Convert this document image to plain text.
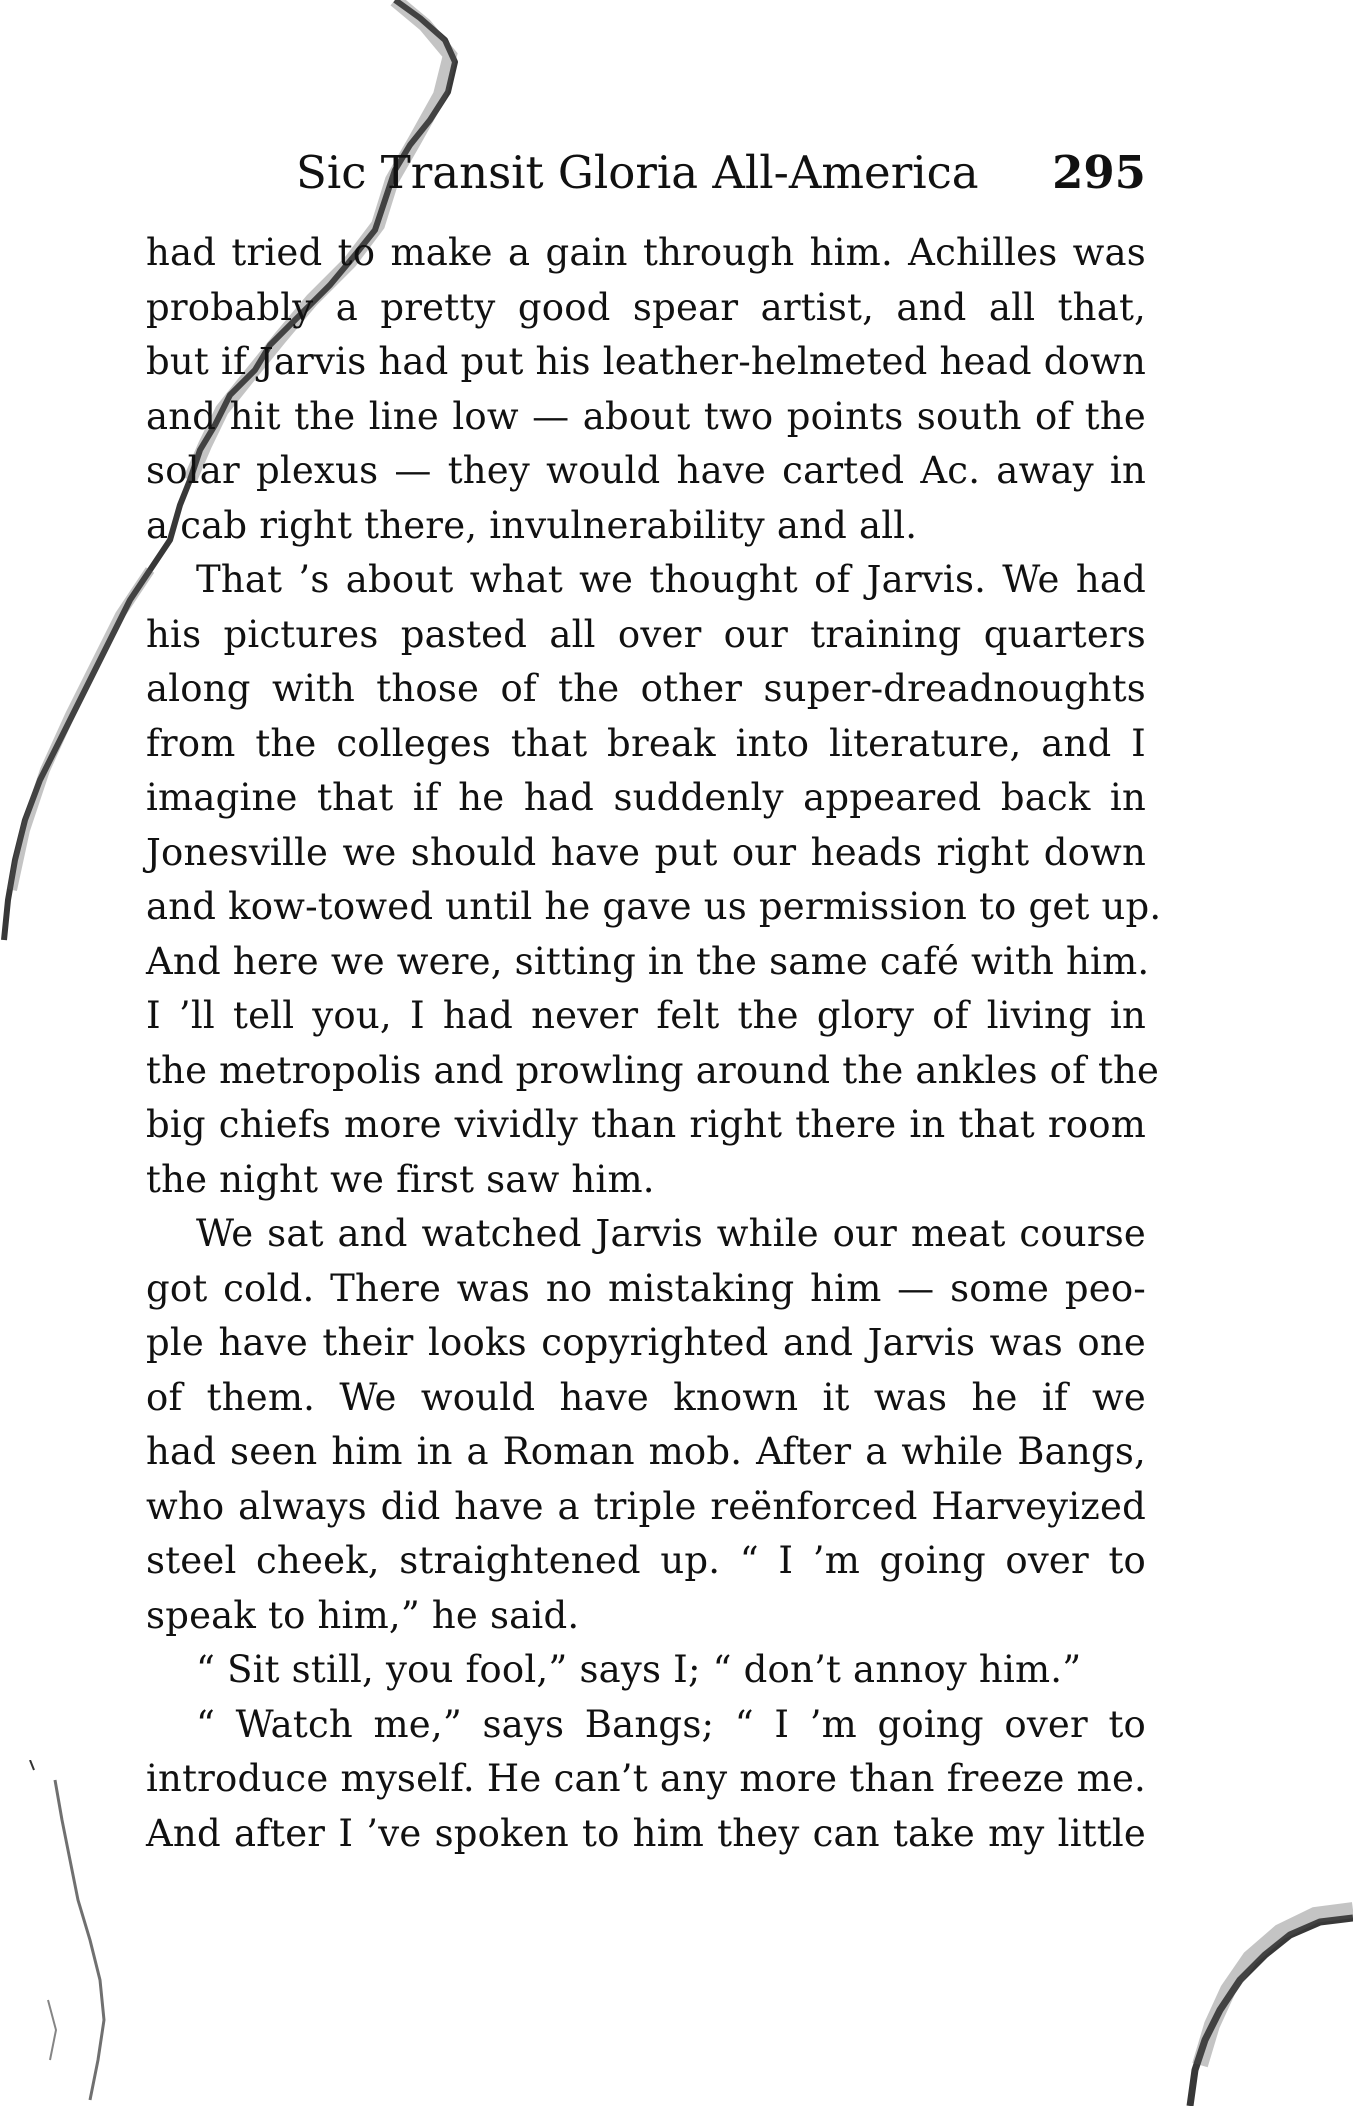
Sic Transit Gloria All-America 295
had tried to make a gain through him. Achilles was
probably a pretty good spear artist, and all that,
but if Jarvis had put his leather-helmeted head down
and hit the line low — about two points south of the
solar plexus — they would have carted Ac. away in
a cab right there, invulnerability and all.
That ’s about what we thought of Jarvis. We had
his pictures pasted all over our training quarters
along with those of the other super-dreadnoughts
from the colleges that break into literature, and I
imagine that if he had suddenly appeared back in
Jonesville we should have put our heads right down
and kow-towed until he gave us permission to get up.
And here we were, sitting in the same café with him.
I ’ll tell you, I had never felt the glory of living in
the metropolis and prowling around the ankles of the
big chiefs more vividly than right there in that room
the night we first saw him.
We sat and watched Jarvis while our meat course
got cold. There was no mistaking him — some peo-
ple have their looks copyrighted and Jarvis was one
of them. We would have known it was he if we
had seen him in a Roman mob. After a while Bangs,
who always did have a triple reënforced Harveyized
steel cheek, straightened up. “ I ’m going over to
speak to him,” he said.
“ Sit still, you fool,” says I; “ don’t annoy him.”
“ Watch me,” says Bangs; “ I ’m going over to
introduce myself. He can’t any more than freeze me.
And after I ’ve spoken to him they can take my little
